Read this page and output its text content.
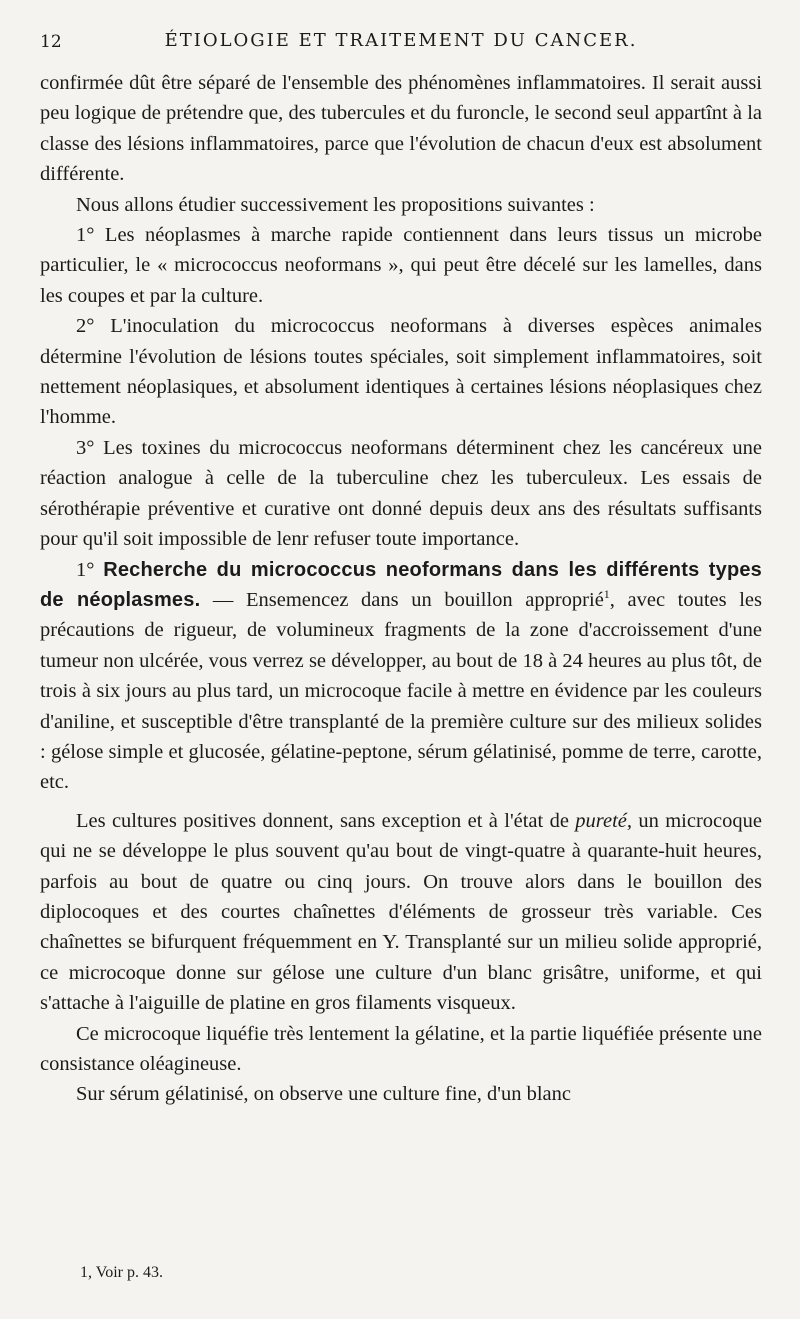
12	ÉTIOLOGIE ET TRAITEMENT DU CANCER.

confirmée dût être séparé de l'ensemble des phénomènes inflammatoires. Il serait aussi peu logique de prétendre que, des tubercules et du furoncle, le second seul appartînt à la classe des lésions inflammatoires, parce que l'évolution de chacun d'eux est absolument différente.

Nous allons étudier successivement les propositions suivantes :

1° Les néoplasmes à marche rapide contiennent dans leurs tissus un microbe particulier, le « micrococcus neoformans », qui peut être décelé sur les lamelles, dans les coupes et par la culture.

2° L'inoculation du micrococcus neoformans à diverses espèces animales détermine l'évolution de lésions toutes spéciales, soit simplement inflammatoires, soit nettement néoplasiques, et absolument identiques à certaines lésions néoplasiques chez l'homme.

3° Les toxines du micrococcus neoformans déterminent chez les cancéreux une réaction analogue à celle de la tuberculine chez les tuberculeux. Les essais de sérothérapie préventive et curative ont donné depuis deux ans des résultats suffisants pour qu'il soit impossible de lenr refuser toute importance.

1° Recherche du micrococcus neoformans dans les différents types de néoplasmes. — Ensemencez dans un bouillon approprié$^1$, avec toutes les précautions de rigueur, de volumineux fragments de la zone d'accroissement d'une tumeur non ulcérée, vous verrez se développer, au bout de 18 à 24 heures au plus tôt, de trois à six jours au plus tard, un microcoque facile à mettre en évidence par les couleurs d'aniline, et susceptible d'être transplanté de la première culture sur des milieux solides : gélose simple et glucosée, gélatine-peptone, sérum gélatinisé, pomme de terre, carotte, etc.

Les cultures positives donnent, sans exception et à l'état de pureté, un microcoque qui ne se développe le plus souvent qu'au bout de vingt-quatre à quarante-huit heures, parfois au bout de quatre ou cinq jours. On trouve alors dans le bouillon des diplocoques et des courtes chaînettes d'éléments de grosseur très variable. Ces chaînettes se bifurquent fréquemment en Y. Transplanté sur un milieu solide approprié, ce microcoque donne sur gélose une culture d'un blanc grisâtre, uniforme, et qui s'attache à l'aiguille de platine en gros filaments visqueux.

Ce microcoque liquéfie très lentement la gélatine, et la partie liquéfiée présente une consistance oléagineuse.

Sur sérum gélatinisé, on observe une culture fine, d'un blanc

1, Voir p. 43.
